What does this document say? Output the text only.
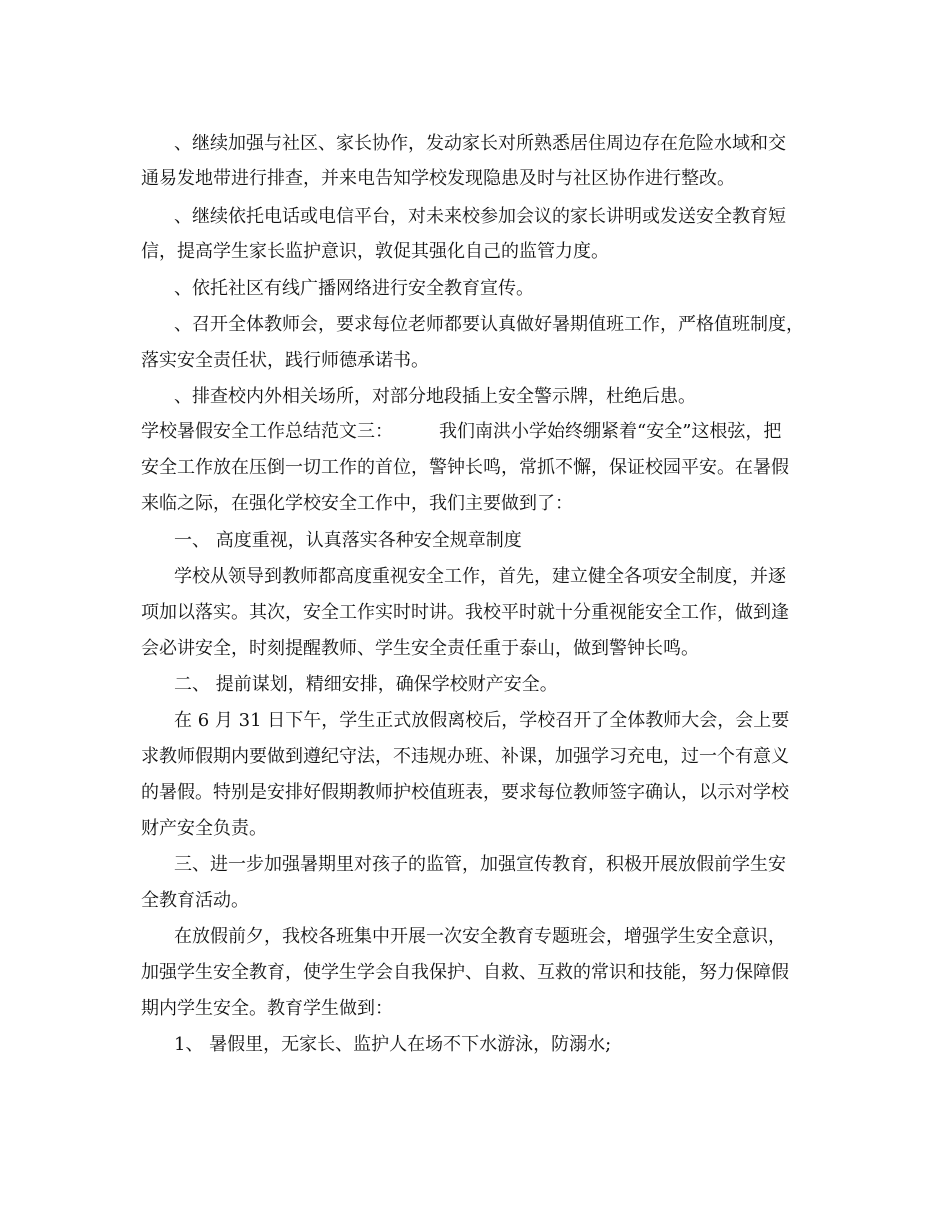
、继续加强与社区、家长协作，发动家长对所熟悉居住周边存在危险水域和交

通易发地带进行排查，并来电告知学校发现隐患及时与社区协作进行整改。

、继续依托电话或电信平台，对未来校参加会议的家长讲明或发送安全教育短

信，提高学生家长监护意识，敦促其强化自己的监管力度。

、依托社区有线广播网络进行安全教育宣传。

、召开全体教师会，要求每位老师都要认真做好暑期值班工作，严格值班制度，

落实安全责任状，践行师德承诺书。

、排查校内外相关场所，对部分地段插上安全警示牌，杜绝后患。

学校暑假安全工作总结范文三：	我们南洪小学始终绷紧着“安全”这根弦，把

安全工作放在压倒一切工作的首位，警钟长鸣，常抓不懈，保证校园平安。在暑假

来临之际，在强化学校安全工作中，我们主要做到了：

一、 高度重视，认真落实各种安全规章制度

学校从领导到教师都高度重视安全工作，首先，建立健全各项安全制度，并逐

项加以落实。其次，安全工作实时时讲。我校平时就十分重视能安全工作，做到逢

会必讲安全，时刻提醒教师、学生安全责任重于泰山，做到警钟长鸣。

二、 提前谋划，精细安排，确保学校财产安全。

在 6 月 31 日下午，学生正式放假离校后，学校召开了全体教师大会，会上要

求教师假期内要做到遵纪守法，不违规办班、补课，加强学习充电，过一个有意义

的暑假。特别是安排好假期教师护校值班表，要求每位教师签字确认，以示对学校

财产安全负责。

三、进一步加强暑期里对孩子的监管，加强宣传教育，积极开展放假前学生安

全教育活动。

在放假前夕，我校各班集中开展一次安全教育专题班会，增强学生安全意识，

加强学生安全教育，使学生学会自我保护、自救、互救的常识和技能，努力保障假

期内学生安全。教育学生做到：

1、 暑假里，无家长、监护人在场不下水游泳，防溺水;
